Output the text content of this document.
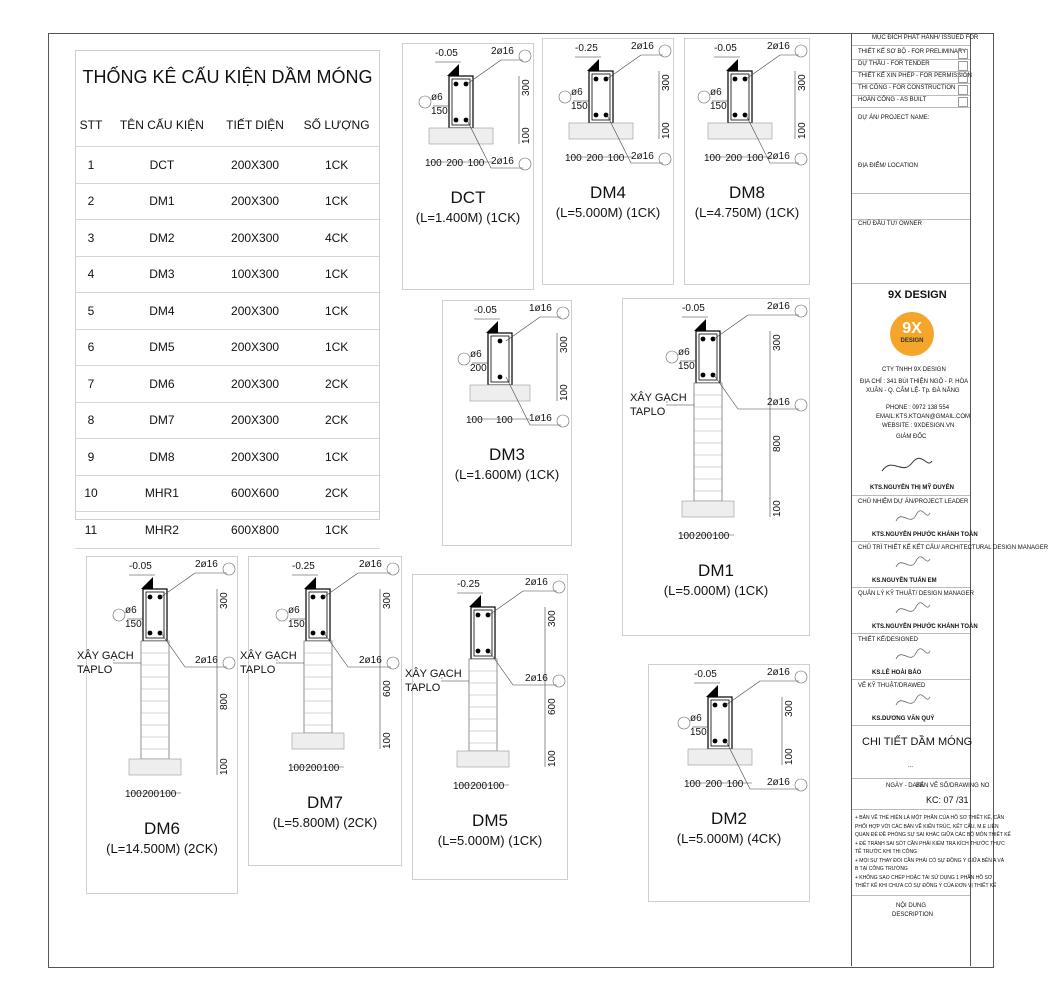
THỐNG KÊ CẤU KIỆN DẦM MÓNG			
STT	TÊN CẤU KIỆN	TIẾT DIỆN	SỐ LƯỢNG
1	DCT	200X300	1CK
2	DM1	200X300	1CK
3	DM2	200X300	4CK
4	DM3	100X300	1CK
5	DM4	200X300	1CK
6	DM5	200X300	1CK
7	DM6	200X300	2CK
8	DM7	200X300	2CK
9	DM8	200X300	1CK
10	MHR1	600X600	2CK
11	MHR2	600X800	1CK
-0.05	2ø16
2ø16
ø6
150
300
100
100 200 100
DCT
(L=1.400M) (1CK)
-0.25	2ø16
2ø16
ø6
150
300
100
100 200 100
DM4
(L=5.000M) (1CK)
-0.05	2ø16
2ø16
ø6
150
300
100
100 200 100
DM8
(L=4.750M) (1CK)
-0.05	1ø16
1ø16
ø6
200
300
100
100 100
DM3
(L=1.600M) (1CK)
-0.05	2ø16
2ø16
ø6
150
300
100
XÂY GẠCH TAPLO
800
100 200 100
DM1
(L=5.000M) (1CK)
-0.05	2ø16
2ø16
ø6
150
300
100
XÂY GẠCH TAPLO
800
100 200 100
DM6
(L=14.500M) (2CK)
-0.25	2ø16
2ø16
ø6
150
300
100
XÂY GẠCH TAPLO
600
100 200 100
DM7
(L=5.800M) (2CK)
-0.25	2ø16
2ø16
300
100
XÂY GẠCH TAPLO
600
100 200 100
DM5
(L=5.000M) (1CK)
-0.05	2ø16
2ø16
ø6
150
300
100
100 200 100
DM2
(L=5.000M) (4CK)
MỤC ĐÍCH PHÁT HÀNH/ ISSUED FOR
THIẾT KẾ SƠ BỘ - FOR PRELIMINARY
DỰ THẦU - FOR TENDER
THIẾT KẾ XIN PHÉP - FOR PERMISSION
THI CÔNG - FOR CONSTRUCTION
HOÀN CÔNG - AS BUILT
DỰ ÁN/ PROJECT NAME:
ĐỊA ĐIỂM/ LOCATION
CHỦ ĐẦU TƯ/ OWNER
9X DESIGN
9X
DESIGN
CTY TNHH 9X DESIGN
ĐỊA CHỈ : 341 BÙI THIỆN NGỘ - P. HÒA
XUÂN - Q. CẨM LỆ- Tp. ĐÀ NẴNG
PHONE : 0972 138 554
EMAIL:KTS.KTOAN@GMAIL.COM
WEBSITE : 9XDESIGN.VN
GIÁM ĐỐC
KTS.NGUYỄN THỊ MỸ DUYÊN
CHỦ NHIỆM DỰ ÁN/PROJECT LEADER
KTS.NGUYỄN PHƯỚC KHÁNH TOÀN
CHỦ TRÌ THIẾT KẾ KẾT CẤU/ ARCHITECTURAL DESIGN MANAGER
KS.NGUYỄN TUẤN EM
QUẢN LÝ KỸ THUẬT/ DESIGN MANAGER
KTS.NGUYỄN PHƯỚC KHÁNH TOÀN
THIẾT KẾ/DESIGNED
KS.LÊ HOÀI BẢO
VẼ KỸ THUẬT/DRAWED
KS.DƯƠNG VĂN QUÝ
CHI TIẾT DẦM MÓNG
...
NGÀY - DATE
BẢN VẼ SỐ/DRAWING NO
KC: 07 /31
+ BẢN VẼ THỂ HIỆN LÀ MỘT PHẦN CỦA HỒ SƠ THIẾT KẾ, CẦN
PHỐI HỢP VỚI CÁC BẢN VẼ KIẾN TRÚC, KẾT CẤU, M.E LIÊN
QUAN ĐỂ ĐỀ PHÒNG SỰ SAI KHÁC GIỮA CÁC BỘ MÔN THIẾT KẾ
+ ĐỂ TRÁNH SAI SÓT CẦN PHẢI KIỂM TRA KÍCH THƯỚC THỰC
TẾ TRƯỚC KHI THI CÔNG
+ MỌI SỰ THAY ĐỔI CẦN PHẢI CÓ SỰ ĐỒNG Ý GIỮA BÊN A VÀ
B TẠI CÔNG TRƯỜNG
+ KHÔNG SAO CHÉP HOẶC TÁI SỬ DỤNG 1 PHẦN HỒ SƠ
THIẾT KẾ KHI CHƯA CÓ SỰ ĐỒNG Ý CỦA ĐƠN VỊ THIẾT KẾ
NỘI DUNG
DESCRIPTION
